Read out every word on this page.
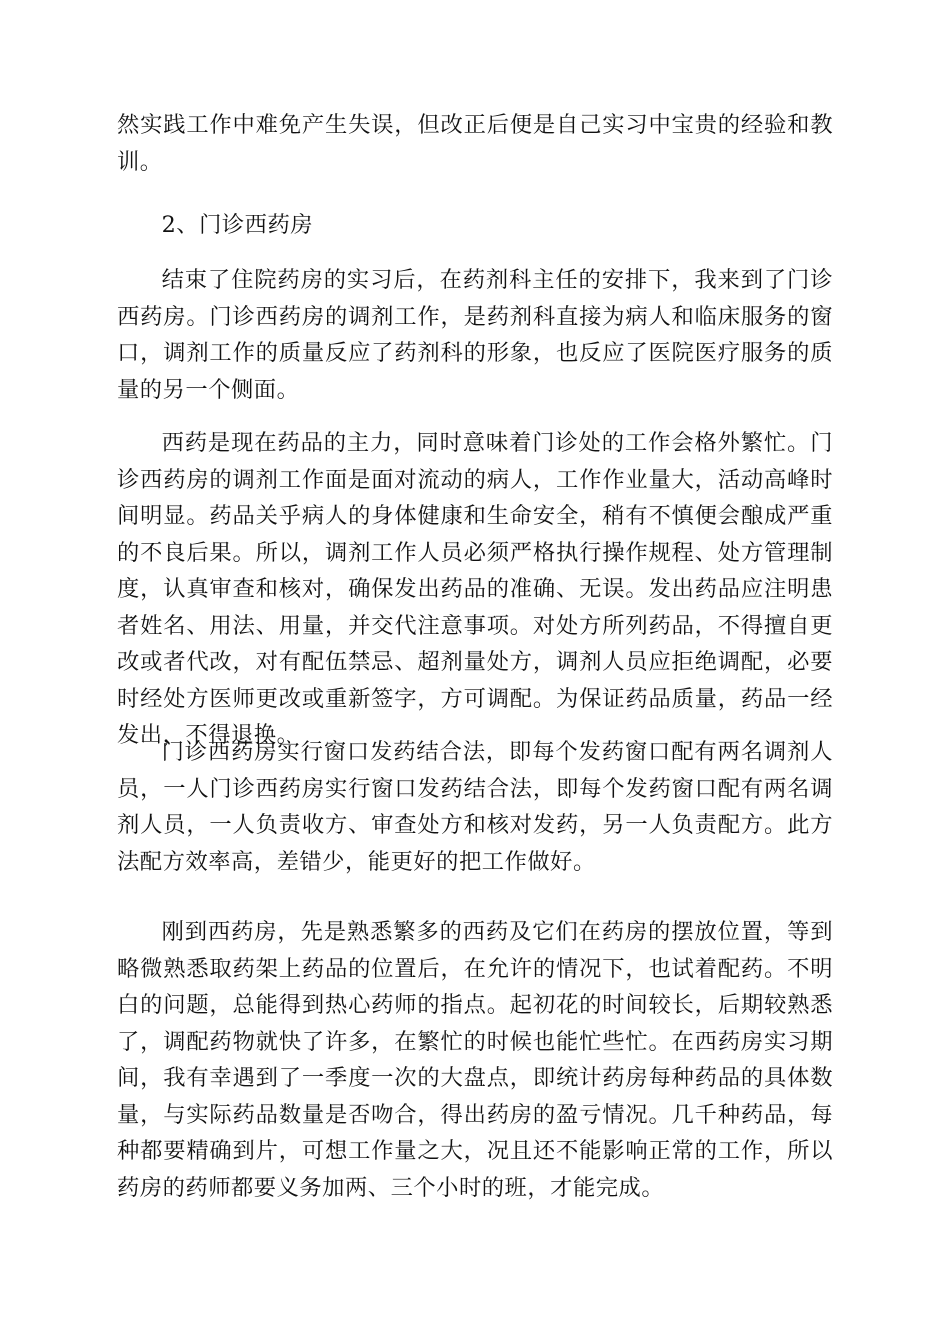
然实践工作中难免产生失误，但改正后便是自己实习中宝贵的经验和教训。

2、门诊西药房

结束了住院药房的实习后，在药剂科主任的安排下，我来到了门诊西药房。门诊西药房的调剂工作，是药剂科直接为病人和临床服务的窗口，调剂工作的质量反应了药剂科的形象，也反应了医院医疗服务的质量的另一个侧面。

西药是现在药品的主力，同时意味着门诊处的工作会格外繁忙。门诊西药房的调剂工作面是面对流动的病人，工作作业量大，活动高峰时间明显。药品关乎病人的身体健康和生命安全，稍有不慎便会酿成严重的不良后果。所以，调剂工作人员必须严格执行操作规程、处方管理制度，认真审查和核对，确保发出药品的准确、无误。发出药品应注明患者姓名、用法、用量，并交代注意事项。对处方所列药品，不得擅自更改或者代改，对有配伍禁忌、超剂量处方，调剂人员应拒绝调配，必要时经处方医师更改或重新签字，方可调配。为保证药品质量，药品一经发出，不得退换。

门诊西药房实行窗口发药结合法，即每个发药窗口配有两名调剂人员，一人门诊西药房实行窗口发药结合法，即每个发药窗口配有两名调剂人员，一人负责收方、审查处方和核对发药，另一人负责配方。此方法配方效率高，差错少，能更好的把工作做好。

刚到西药房，先是熟悉繁多的西药及它们在药房的摆放位置，等到略微熟悉取药架上药品的位置后，在允许的情况下，也试着配药。不明白的问题，总能得到热心药师的指点。起初花的时间较长，后期较熟悉了，调配药物就快了许多，在繁忙的时候也能忙些忙。在西药房实习期间，我有幸遇到了一季度一次的大盘点，即统计药房每种药品的具体数量，与实际药品数量是否吻合，得出药房的盈亏情况。几千种药品，每种都要精确到片，可想工作量之大，况且还不能影响正常的工作，所以药房的药师都要义务加两、三个小时的班，才能完成。
